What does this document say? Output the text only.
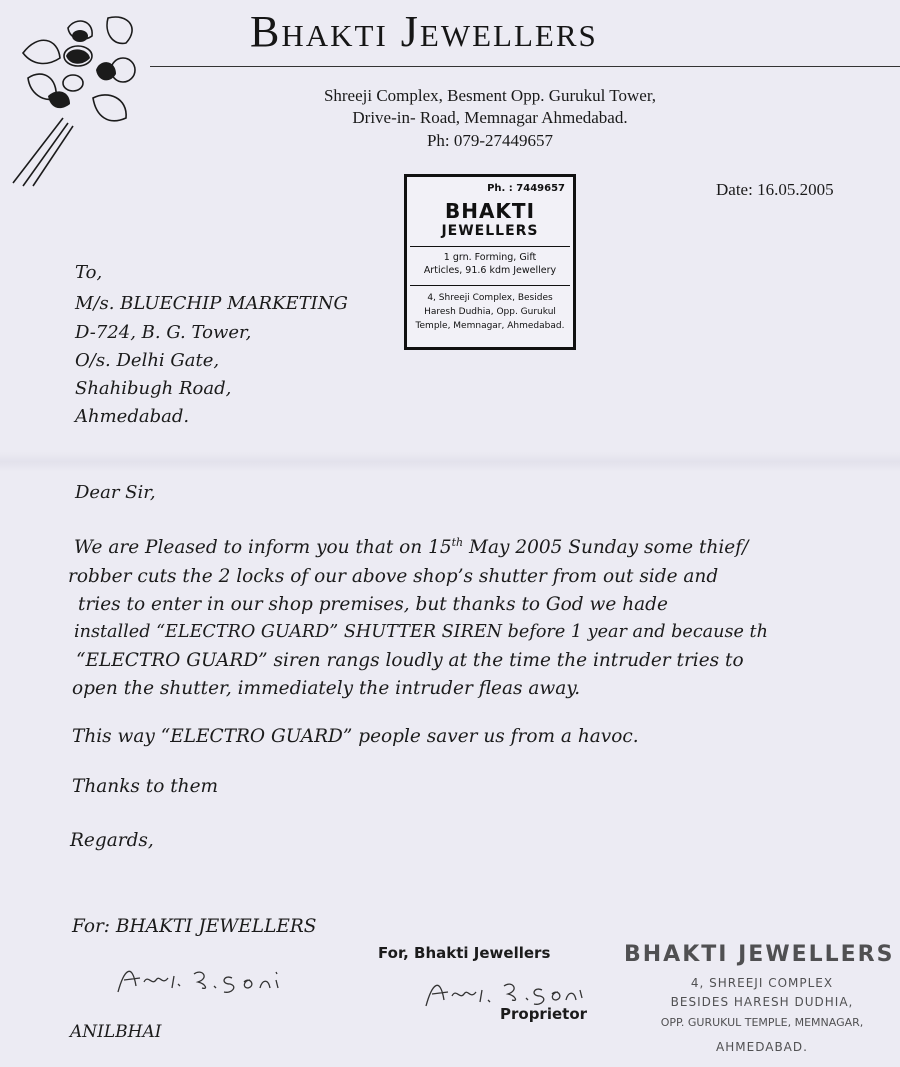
Bhakti Jewellers
Shreeji Complex, Besment Opp. Gurukul Tower,
Drive-in- Road, Memnagar Ahmedabad.
Ph: 079-27449657
Date: 16.05.2005
Ph. : 7449657
BHAKTI
JEWELLERS
1 grn. Forming, Gift
Articles, 91.6 kdm Jewellery
4, Shreeji Complex, Besides
Haresh Dudhia, Opp. Gurukul
Temple, Memnagar, Ahmedabad.
To,
M/s. BLUECHIP MARKETING
D-724, B. G. Tower,
O/s. Delhi Gate,
Shahibugh Road,
Ahmedabad.
Dear Sir,
We are Pleased to inform you that on 15th May 2005 Sunday some thief/
robber cuts the 2 locks of our above shop’s shutter from out side and
tries to enter in our shop premises, but thanks to God we hade
installed “ELECTRO GUARD” SHUTTER SIREN before 1 year and because th
“ELECTRO GUARD” siren rangs loudly at the time the intruder tries to
open the shutter, immediately the intruder fleas away.
This way “ELECTRO GUARD” people saver us from a havoc.
Thanks to them
Regards,
For: BHAKTI JEWELLERS
ANILBHAI
For, Bhakti Jewellers
Proprietor
BHAKTI JEWELLERS
4, SHREEJI COMPLEX
BESIDES HARESH DUDHIA,
OPP. GURUKUL TEMPLE, MEMNAGAR,
AHMEDABAD.
